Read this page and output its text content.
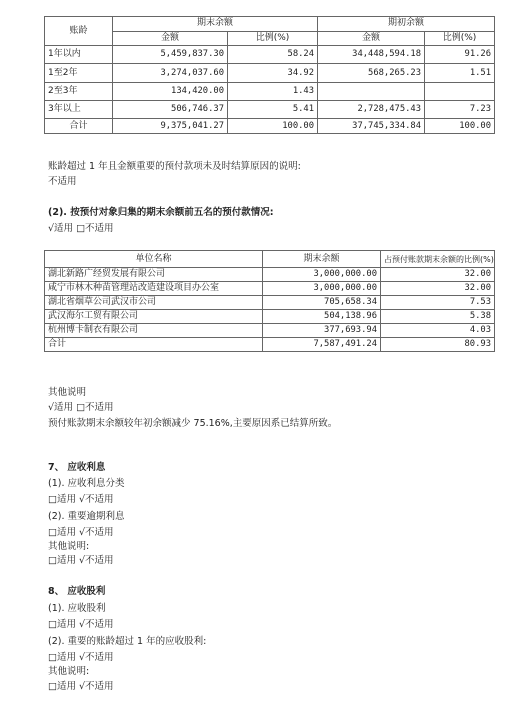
账龄	期末余额		期初余额	
	金额	比例(%)	金额	比例(%)
1年以内	5,459,837.30	58.24	34,448,594.18	91.26
1至2年	3,274,037.60	34.92	568,265.23	1.51
2至3年	134,420.00	1.43		
3年以上	506,746.37	5.41	2,728,475.43	7.23
合计	9,375,041.27	100.00	37,745,334.84	100.00
账龄超过 1 年且金额重要的预付款项未及时结算原因的说明:
不适用
(2). 按预付对象归集的期末余额前五名的预付款情况:
√适用 □不适用
单位名称	期末余额	占预付账款期末余额的比例(%)
湖北新路广经贸发展有限公司	3,000,000.00	32.00
咸宁市林木种苗管理站改造建设项目办公室	3,000,000.00	32.00
湖北省烟草公司武汉市公司	705,658.34	7.53
武汉海尔工贸有限公司	504,138.96	5.38
杭州博卡制衣有限公司	377,693.94	4.03
合计	7,587,491.24	80.93
其他说明
√适用 □不适用
预付账款期末余额较年初余额减少 75.16%,主要原因系已结算所致。
7、 应收利息
(1). 应收利息分类
□适用 √不适用
(2). 重要逾期利息
□适用 √不适用
其他说明:
□适用 √不适用
8、 应收股利
(1). 应收股利
□适用 √不适用
(2). 重要的账龄超过 1 年的应收股利:
□适用 √不适用
其他说明:
□适用 √不适用
